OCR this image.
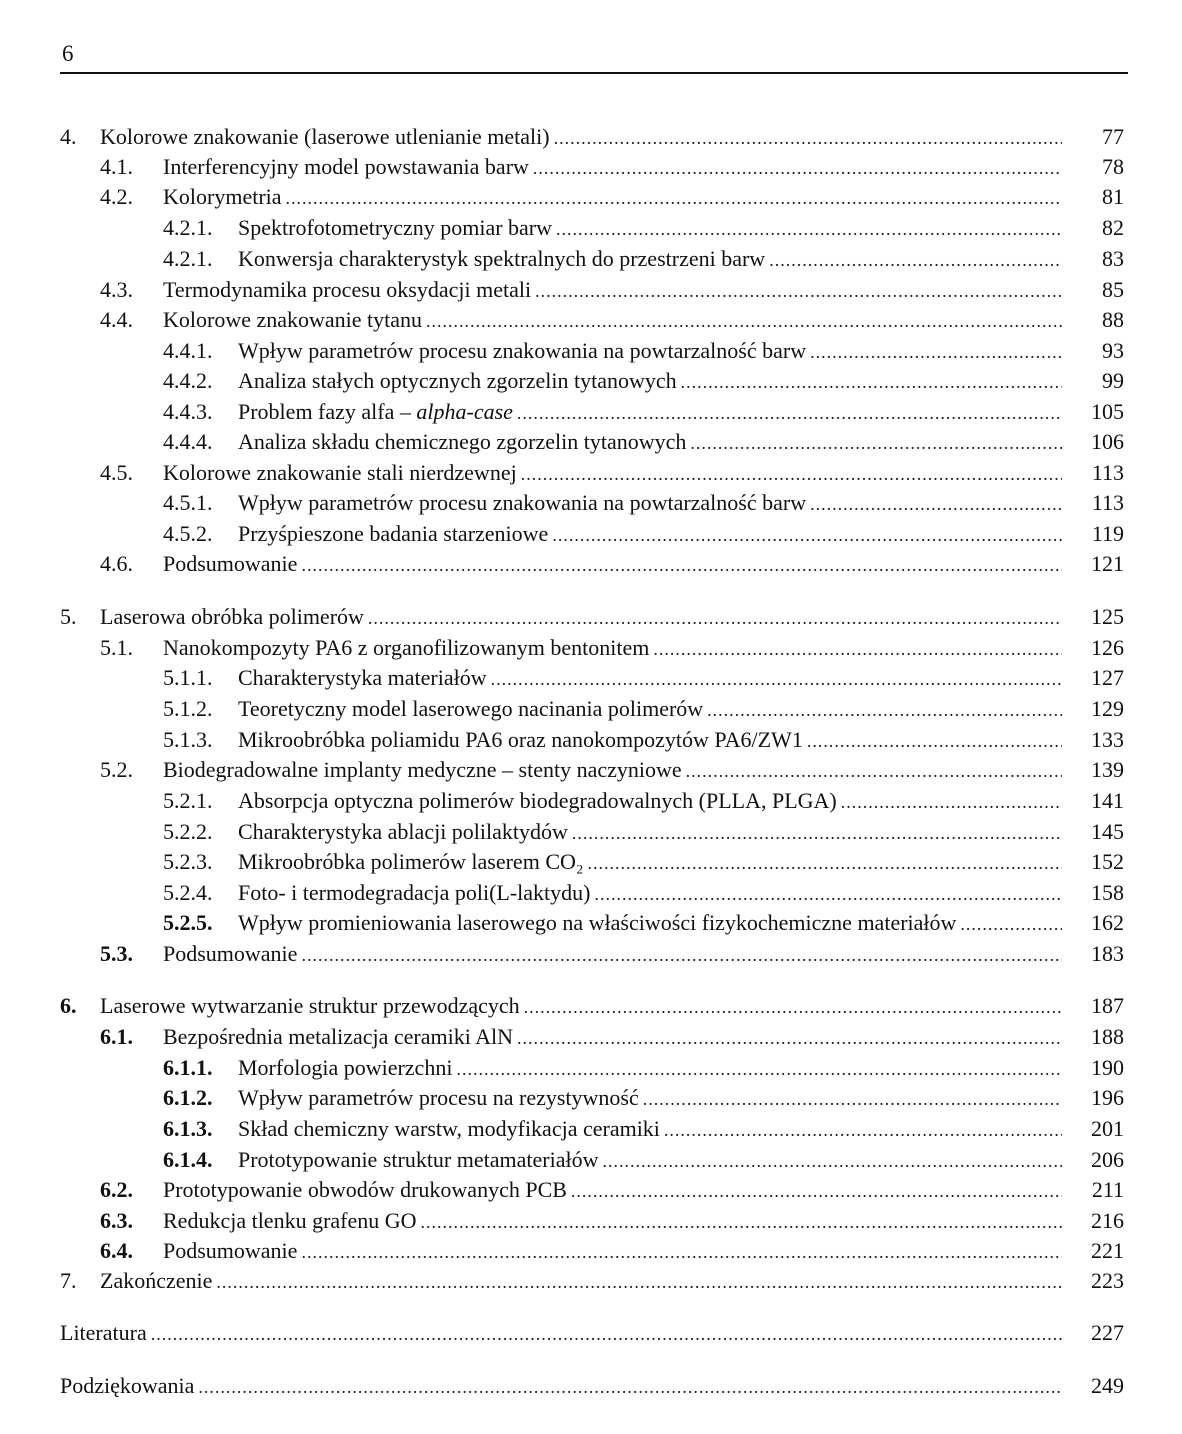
6
4. Kolorowe znakowanie (laserowe utlenianie metali) .....	77
4.1. Interferencyjny model powstawania barw .....	78
4.2. Kolorymetria .....	81
4.2.1. Spektrofotometryczny pomiar barw .....	82
4.2.1. Konwersja charakterystyk spektralnych do przestrzeni barw .....	83
4.3. Termodynamika procesu oksydacji metali .....	85
4.4. Kolorowe znakowanie tytanu .....	88
4.4.1. Wpływ parametrów procesu znakowania na powtarzalność barw .....	93
4.4.2. Analiza stałych optycznych zgorzelin tytanowych .....	99
4.4.3. Problem fazy alfa – alpha-case .....	105
4.4.4. Analiza składu chemicznego zgorzelin tytanowych .....	106
4.5. Kolorowe znakowanie stali nierdzewnej .....	113
4.5.1. Wpływ parametrów procesu znakowania na powtarzalność barw .....	113
4.5.2. Przyśpieszone badania starzeniowe .....	119
4.6. Podsumowanie .....	121
5. Laserowa obróbka polimerów .....	125
5.1. Nanokompozyty PA6 z organofilizowanym bentonitem .....	126
5.1.1. Charakterystyka materiałów .....	127
5.1.2. Teoretyczny model laserowego nacinania polimerów .....	129
5.1.3. Mikroobróbka poliamidu PA6 oraz nanokompozytów PA6/ZW1 .....	133
5.2. Biodegradowalne implanty medyczne – stenty naczyniowe .....	139
5.2.1. Absorpcja optyczna polimerów biodegradowalnych (PLLA, PLGA) .....	141
5.2.2. Charakterystyka ablacji polilaktydów .....	145
5.2.3. Mikroobróbka polimerów laserem CO₂ .....	152
5.2.4. Foto- i termodegradacja poli(L-laktydu) .....	158
5.2.5. Wpływ promieniowania laserowego na właściwości fizykochemiczne materiałów .....	162
5.3. Podsumowanie .....	183
6. Laserowe wytwarzanie struktur przewodzących .....	187
6.1. Bezpośrednia metalizacja ceramiki AlN .....	188
6.1.1. Morfologia powierzchni .....	190
6.1.2. Wpływ parametrów procesu na rezystywność .....	196
6.1.3. Skład chemiczny warstw, modyfikacja ceramiki .....	201
6.1.4. Prototypowanie struktur metamateriałów .....	206
6.2. Prototypowanie obwodów drukowanych PCB .....	211
6.3. Redukcja tlenku grafenu GO .....	216
6.4. Podsumowanie .....	221
7. Zakończenie .....	223
Literatura .....	227
Podziękowania .....	249
